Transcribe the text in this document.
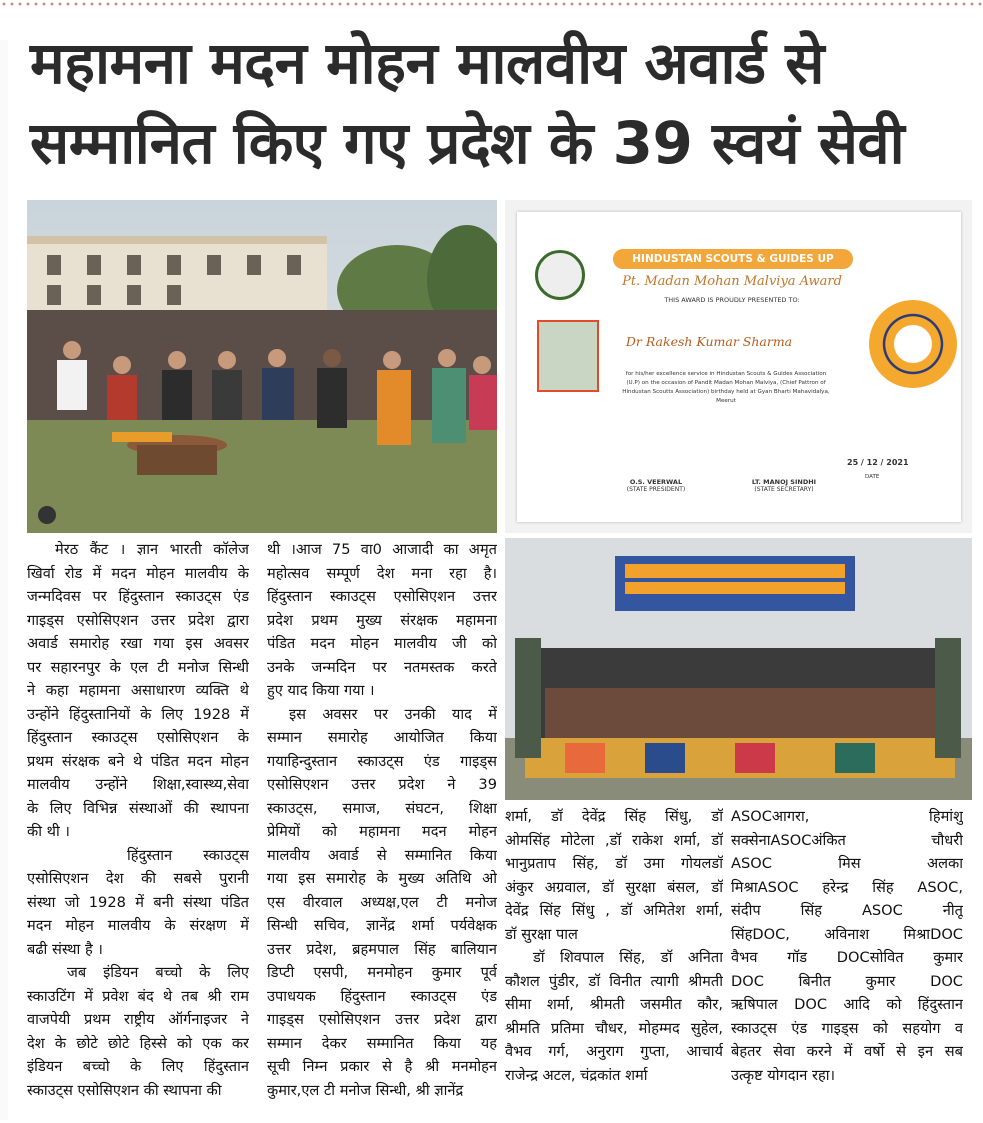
महामना मदन मोहन मालवीय अवार्ड से
सम्मानित किए गए प्रदेश के 39 स्वयं सेवी
HINDUSTAN SCOUTS & GUIDES UP
Pt. Madan Mohan Malviya Award
THIS AWARD IS PROUDLY PRESENTED TO:
Dr Rakesh Kumar Sharma
for his/her excellence service in Hindustan Scouts & Guides Association (U.P) on the occasion of Pandit Madan Mohan Malviya, (Chief Pattron of Hindustan Scoutts Association) birthday held at Gyan Bharti Mahavidalya, Meerut
O.S. VEERWAL
(STATE PRESIDENT)
LT. MANOJ SINDHI
(STATE SECRETARY)
25 / 12 / 2021
DATE

मेरठ कैंट । ज्ञान भारती कॉलेज

खिर्वा रोड में मदन मोहन मालवीय के

जन्मदिवस पर हिंदुस्तान स्काउट्स एंड

गाइड्स एसोसिएशन उत्तर प्रदेश द्वारा

अवार्ड समारोह रखा गया इस अवसर

पर सहारनपुर के एल टी मनोज सिन्धी

ने कहा महामना असाधारण व्यक्ति थे

उन्होंने हिंदुस्तानियों के लिए 1928 में

हिंदुस्तान स्काउट्स एसोसिएशन के

प्रथम संरक्षक बने थे पंडित मदन मोहन

मालवीय उन्होंने शिक्षा,स्वास्थ्य,सेवा

के लिए विभिन्न संस्थाओं की स्थापना

की थी ।

हिंदुस्तान स्काउट्स

एसोसिएशन देश की सबसे पुरानी

संस्था जो 1928 में बनी संस्था पंडित

मदन मोहन मालवीय के संरक्षण में

बढी संस्था है ।

जब इंडियन बच्चो के लिए

स्काउटिंग में प्रवेश बंद थे तब श्री राम

वाजपेयी प्रथम राष्ट्रीय ऑर्गनाइजर ने

देश के छोटे छोटे हिस्से को एक कर

इंडियन बच्चो के लिए हिंदुस्तान

स्काउट्स एसोसिएशन की स्थापना की

थी ।आज 75 वा0 आजादी का अमृत

महोत्सव सम्पूर्ण देश मना रहा है।

हिंदुस्तान स्काउट्स एसोसिएशन उत्तर

प्रदेश प्रथम मुख्य संरक्षक महामना

पंडित मदन मोहन मालवीय जी को

उनके जन्मदिन पर नतमस्तक करते

हुए याद किया गया ।

इस अवसर पर उनकी याद में

सम्मान समारोह आयोजित किया

गयाहिन्दुस्तान स्काउट्स एंड गाइड्स

एसोसिएशन उत्तर प्रदेश ने 39

स्काउट्स, समाज, संघटन, शिक्षा

प्रेमियों को महामना मदन मोहन

मालवीय अवार्ड से सम्मानित किया

गया इस समारोह के मुख्य अतिथि ओ

एस वीरवाल अध्यक्ष,एल टी मनोज

सिन्धी सचिव, ज्ञानेंद्र शर्मा पर्यवेक्षक

उत्तर प्रदेश, ब्रहमपाल सिंह बालियान

डिप्टी एसपी, मनमोहन कुमार पूर्व

उपाधयक हिंदुस्तान स्काउट्स एंड

गाइड्स एसोसिएशन उत्तर प्रदेश द्वारा

सम्मान देकर सम्मानित किया यह

सूची निम्न प्रकार से है श्री मनमोहन

कुमार,एल टी मनोज सिन्धी, श्री ज्ञानेंद्र

शर्मा, डॉ देवेंद्र सिंह सिंधु, डॉ

ओमसिंह मोटेला ,डॉ राकेश शर्मा, डॉ

भानुप्रताप सिंह, डॉ उमा गोयलडॉ

अंकुर अग्रवाल, डॉ सुरक्षा बंसल, डॉ

देवेंद्र सिंह सिंधु , डॉ अमितेश शर्मा,

डॉ सुरक्षा पाल

डॉ शिवपाल सिंह, डॉ अनिता

कौशल पुंडीर, डॉ विनीत त्यागी श्रीमती

सीमा शर्मा, श्रीमती जसमीत कौर,

श्रीमति प्रतिमा चौधर, मोहम्मद सुहेल,

वैभव गर्ग, अनुराग गुप्ता, आचार्य

राजेन्द्र अटल, चंद्रकांत शर्मा

ASOCआगरा, हिमांशु

सक्सेनाASOCअंकित चौधरी

ASOC मिस अलका

मिश्राASOC हरेन्द्र सिंह ASOC,

संदीप सिंह ASOC नीतू

सिंहDOC, अविनाश मिश्राDOC

वैभव गॉड DOCसोवित कुमार

DOC बिनीत कुमार DOC

ऋषिपाल DOC आदि को हिंदुस्तान

स्काउट्स एंड गाइड्स को सहयोग व

बेहतर सेवा करने में वर्षो से इन सब

उत्कृष्ट योगदान रहा।
